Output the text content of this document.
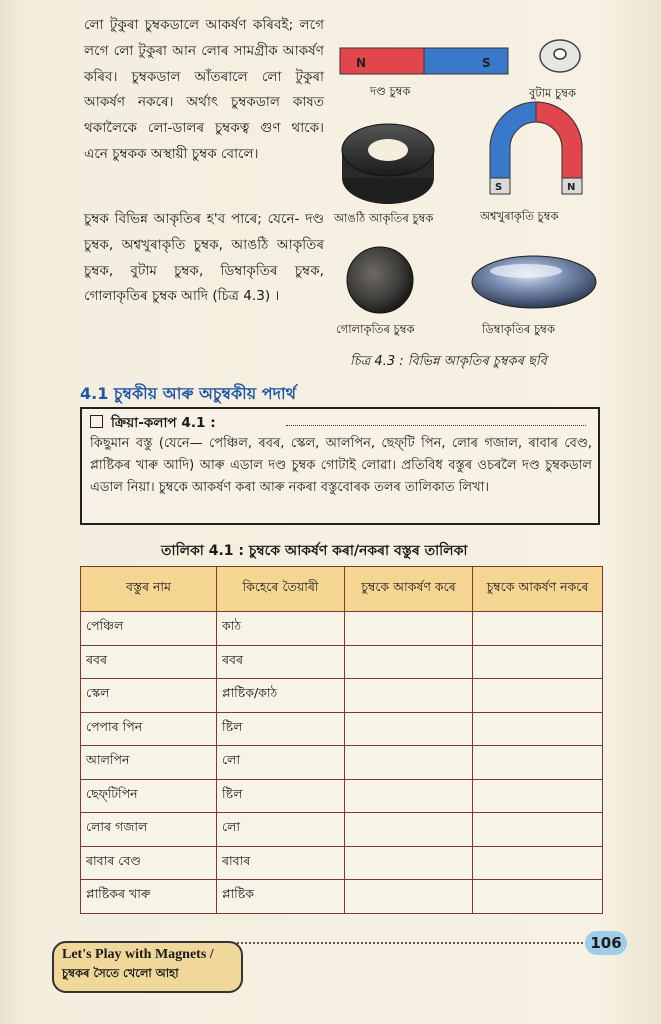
লো টুকুৰা চুম্বকডালে আকৰ্ষণ কৰিবই; লগে লগে লো টুকুৰা আন লোৰ সামগ্ৰীক আকৰ্ষণ কৰিব। চুম্বকডাল আঁতৰালে লো টুকুৰা আকৰ্ষণ নকৰে। অৰ্থাৎ চুম্বকডাল কাষত থকালৈকে লো-ডালৰ চুম্বকত্ব গুণ থাকে। এনে চুম্বকক অস্থায়ী চুম্বক বোলে।
চুম্বক বিভিন্ন আকৃতিৰ হ'ব পাৰে; যেনে- দণ্ড চুম্বক, অশ্বখুৰাকৃতি চুম্বক, আঙঠি আকৃতিৰ চুম্বক, বুটাম চুম্বক, ডিম্বাকৃতিৰ চুম্বক, গোলাকৃতিৰ চুম্বক আদি (চিত্ৰ 4.3) ।
N	S
S	N
দণ্ড চুম্বক	বুটাম চুম্বক
আঙঠি আকৃতিৰ চুম্বক	অশ্বখুৰাকৃতি চুম্বক
গোলাকৃতিৰ চুম্বক	ডিম্বাকৃতিৰ চুম্বক
চিত্ৰ 4.3 : বিভিন্ন আকৃতিৰ চুম্বকৰ ছবি
4.1 চুম্বকীয় আৰু অচুম্বকীয় পদাৰ্থ
ক্ৰিয়া-কলাপ 4.1 :
কিছুমান বস্তু (যেনে— পেঞ্চিল, ৰবৰ, স্কেল, আলপিন, ছেফ্‌টি পিন, লোৰ গজাল, ৰাবাৰ বেণ্ড, প্লাষ্টিকৰ খাৰু আদি) আৰু এডাল দণ্ড চুম্বক গোটাই লোৱা। প্ৰতিবিধ বস্তুৰ ওচৰলৈ দণ্ড চুম্বকডাল এডাল নিয়া। চুম্বকে আকৰ্ষণ কৰা আৰু নকৰা বস্তুবোৰক তলৰ তালিকাত লিখা।
তালিকা 4.1 : চুম্বকে আকৰ্ষণ কৰা/নকৰা বস্তুৰ তালিকা
বস্তুৰ নাম	কিহেৰে তৈয়াৰী	চুম্বকে আকৰ্ষণ কৰে	চুম্বকে আকৰ্ষণ নকৰে
পেঞ্চিল	কাঠ		
ৰবৰ	ৰবৰ		
স্কেল	প্লাষ্টিক/কাঠ		
পেপাৰ পিন	ষ্টিল		
আলপিন	লো		
ছেফ্‌টিপিন	ষ্টিল		
লোৰ গজাল	লো		
ৰাবাৰ বেণ্ড	ৰাবাৰ		
প্লাষ্টিকৰ খাৰু	প্লাষ্টিক		
106
Let's Play with Magnets /
চুম্বকৰ সৈতে খেলো আহা
